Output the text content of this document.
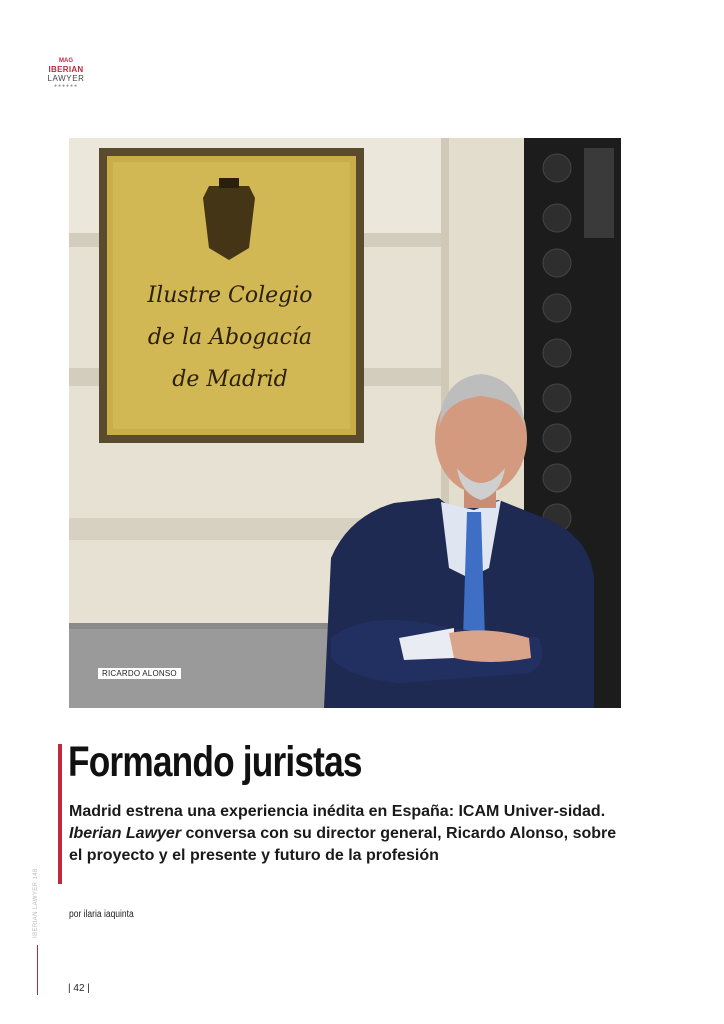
MAG
IBERIAN
LAWYER
●●●●●●
Ilustre Colegio
de la Abogacía
de Madrid
RICARDO ALONSO
Formando juristas

Madrid estrena una experiencia inédita en España: ICAM Univer-sidad. Iberian Lawyer conversa con su director general, Ricardo Alonso, sobre el proyecto y el presente y futuro de la profesión

por ilaria iaquinta
IBERIAN LAWYER 148
| 42 |
